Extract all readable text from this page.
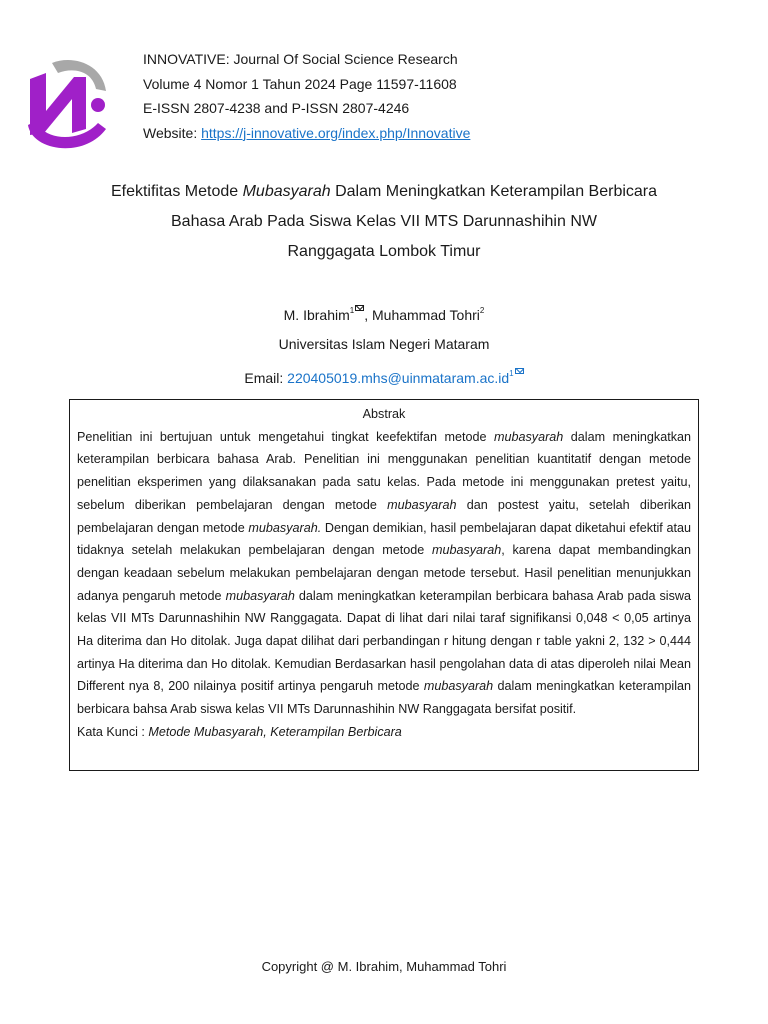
INNOVATIVE: Journal Of Social Science Research
Volume 4 Nomor 1 Tahun 2024 Page 11597-11608
E-ISSN 2807-4238 and P-ISSN 2807-4246
Website: https://j-innovative.org/index.php/Innovative
Efektifitas Metode Mubasyarah Dalam Meningkatkan Keterampilan Berbicara
Bahasa Arab Pada Siswa Kelas VII MTS Darunnashihin NW
Ranggagata Lombok Timur
M. Ibrahim$^1$ , Muhammad Tohri$^2$
Universitas Islam Negeri Mataram
Email: $220405019.mhs@uinmataram.ac.id^1$

Abstrak

Penelitian ini bertujuan untuk mengetahui tingkat keefektifan metode mubasyarah dalam meningkatkan keterampilan berbicara bahasa Arab. Penelitian ini menggunakan penelitian kuantitatif dengan metode penelitian eksperimen yang dilaksanakan pada satu kelas. Pada metode ini menggunakan pretest yaitu, sebelum diberikan pembelajaran dengan metode mubasyarah dan postest yaitu, setelah diberikan pembelajaran dengan metode mubasyarah. Dengan demikian, hasil pembelajaran dapat diketahui efektif atau tidaknya setelah melakukan pembelajaran dengan metode mubasyarah, karena dapat membandingkan dengan keadaan sebelum melakukan pembelajaran dengan metode tersebut. Hasil penelitian menunjukkan adanya pengaruh metode mubasyarah dalam meningkatkan keterampilan berbicara bahasa Arab pada siswa kelas VII MTs Darunnashihin NW Ranggagata. Dapat di lihat dari nilai taraf signifikansi 0,048 < 0,05 artinya Ha diterima dan Ho ditolak. Juga dapat dilihat dari perbandingan r hitung dengan r table yakni 2, 132 > 0,444 artinya Ha diterima dan Ho ditolak. Kemudian Berdasarkan hasil pengolahan data di atas diperoleh nilai Mean Different nya 8, 200 nilainya positif artinya pengaruh metode mubasyarah dalam meningkatkan keterampilan berbicara bahsa Arab siswa kelas VII MTs Darunnashihin NW Ranggagata bersifat positif.

Kata Kunci : Metode Mubasyarah, Keterampilan Berbicara

Copyright @ M. Ibrahim, Muhammad Tohri
